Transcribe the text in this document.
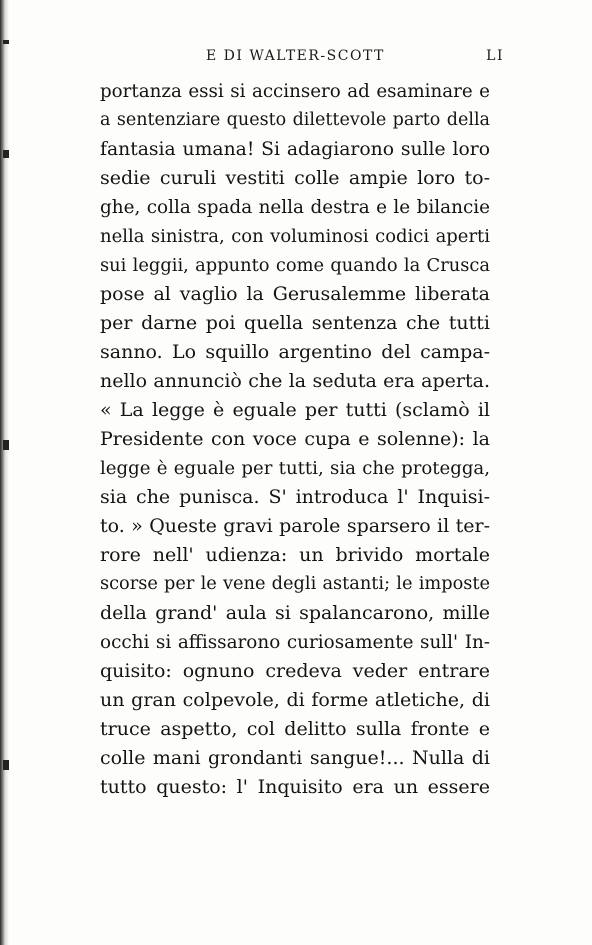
E DI WALTER-SCOTT	LI
portanza essi si accinsero ad esaminare e
a sentenziare questo dilettevole parto della
fantasia umana! Si adagiarono sulle loro
sedie curuli vestiti colle ampie loro to-
ghe, colla spada nella destra e le bilancie
nella sinistra, con voluminosi codici aperti
sui leggii, appunto come quando la Crusca
pose al vaglio la Gerusalemme liberata
per darne poi quella sentenza che tutti
sanno. Lo squillo argentino del campa-
nello annunciò che la seduta era aperta.
« La legge è eguale per tutti (sclamò il
Presidente con voce cupa e solenne): la
legge è eguale per tutti, sia che protegga,
sia che punisca. S' introduca l' Inquisi-
to. » Queste gravi parole sparsero il ter-
rore nell' udienza: un brivido mortale
scorse per le vene degli astanti; le imposte
della grand' aula si spalancarono, mille
occhi si affissarono curiosamente sull' In-
quisito: ognuno credeva veder entrare
un gran colpevole, di forme atletiche, di
truce aspetto, col delitto sulla fronte e
colle mani grondanti sangue!... Nulla di
tutto questo: l' Inquisito era un essere
